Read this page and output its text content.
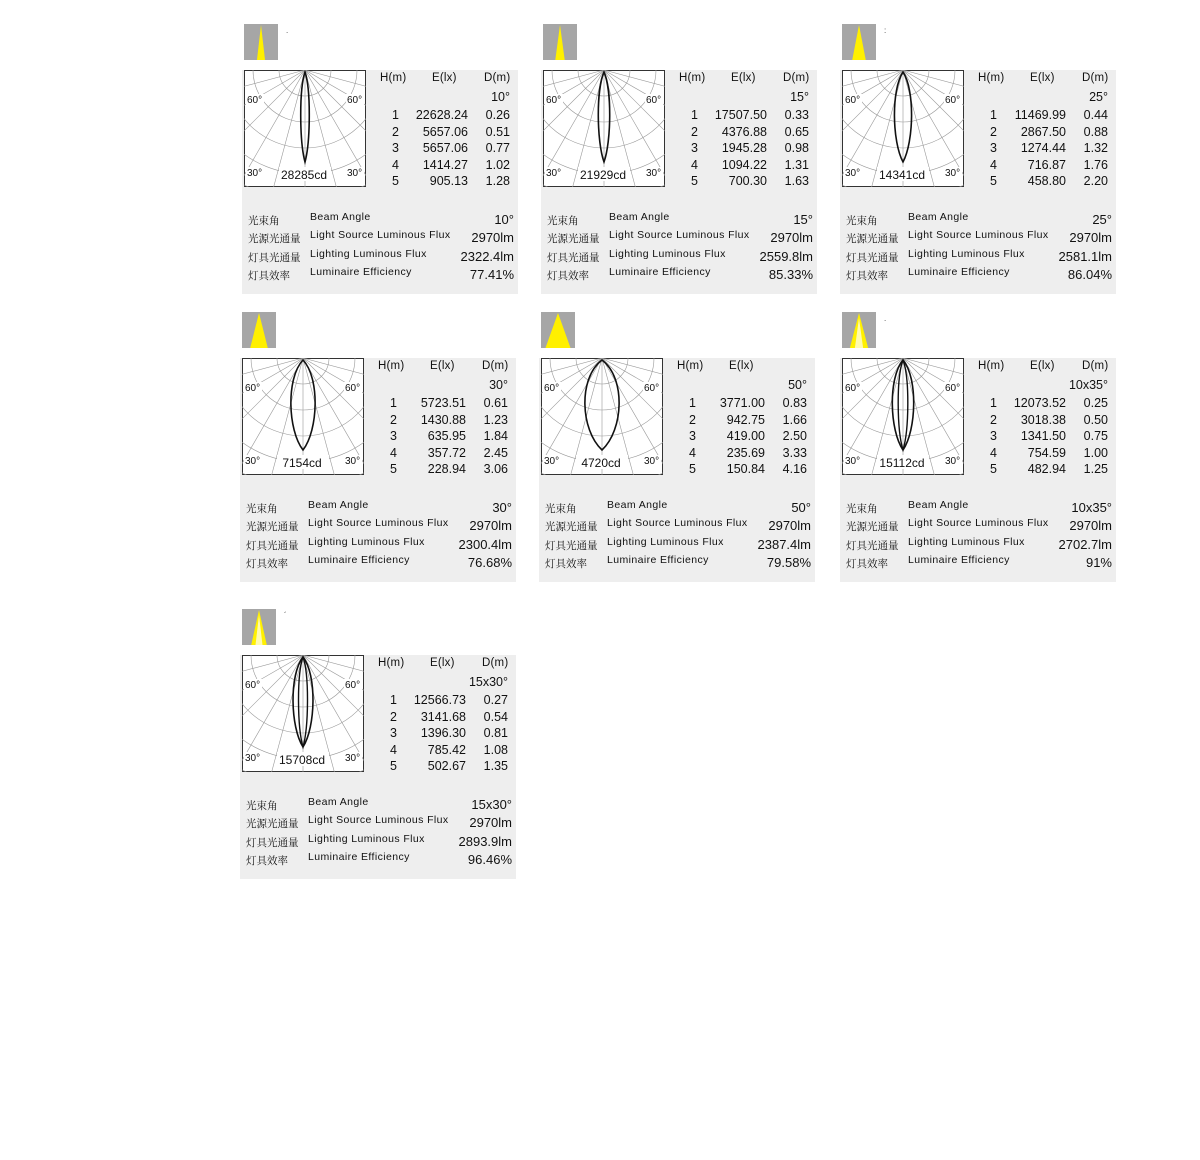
.
60°	60°
30°	30°
28285cd
H(m) E(lx) D(m)
10°
1 22628.24 0.26
2 5657.06 0.51
3 5657.06 0.77
4 1414.27 1.02
5 905.13 1.28
光束角	Beam Angle	10°
光源光通量 Light Source Luminous Flux 2970lm
灯具光通量 Lighting Luminous Flux	2322.4lm
灯具效率 Luminaire Efficiency	77.41%
60°	60°
30°	30°
21929cd
H(m) E(lx) D(m)
15°
1 17507.50 0.33
2 4376.88 0.65
3 1945.28 0.98
4 1094.22 1.31
5 700.30 1.63
光束角	Beam Angle	15°
光源光通量 Light Source Luminous Flux 2970lm
灯具光通量 Lighting Luminous Flux	2559.8lm
灯具效率 Luminaire Efficiency	85.33%
:
60°	60°
30°	30°
14341cd
H(m) E(lx) D(m)
25°
1 11469.99 0.44
2 2867.50 0.88
3 1274.44 1.32
4 716.87 1.76
5 458.80 2.20
光束角	Beam Angle	25°
光源光通量 Light Source Luminous Flux 2970lm
灯具光通量 Lighting Luminous Flux	2581.1lm
灯具效率 Luminaire Efficiency	86.04%
60°	60°
30°	30°
7154cd
H(m) E(lx) D(m)
30°
1 5723.51 0.61
2 1430.88 1.23
3 635.95 1.84
4 357.72 2.45
5 228.94 3.06
光束角	Beam Angle	30°
光源光通量 Light Source Luminous Flux 2970lm
灯具光通量 Lighting Luminous Flux	2300.4lm
灯具效率 Luminaire Efficiency	76.68%
60°	60°
30°	30°
4720cd
H(m) E(lx)
50°
1 3771.00 0.83
2 942.75 1.66
3 419.00 2.50
4 235.69 3.33
5 150.84 4.16
光束角	Beam Angle	50°
光源光通量 Light Source Luminous Flux 2970lm
灯具光通量 Lighting Luminous Flux	2387.4lm
灯具效率 Luminaire Efficiency	79.58%
.
60°	60°
30°	30°
15112cd
H(m) E(lx) D(m)
10x35°
1 12073.52 0.25
2 3018.38 0.50
3 1341.50 0.75
4 754.59 1.00
5 482.94 1.25
光束角	Beam Angle	10x35°
光源光通量 Light Source Luminous Flux 2970lm
灯具光通量 Lighting Luminous Flux	2702.7lm
灯具效率 Luminaire Efficiency	91%
´
60°	60°
30°	30°
15708cd
H(m) E(lx) D(m)
15x30°
1 12566.73 0.27
2 3141.68 0.54
3 1396.30 0.81
4 785.42 1.08
5 502.67 1.35
光束角	Beam Angle	15x30°
光源光通量 Light Source Luminous Flux 2970lm
灯具光通量 Lighting Luminous Flux	2893.9lm
灯具效率 Luminaire Efficiency	96.46%
